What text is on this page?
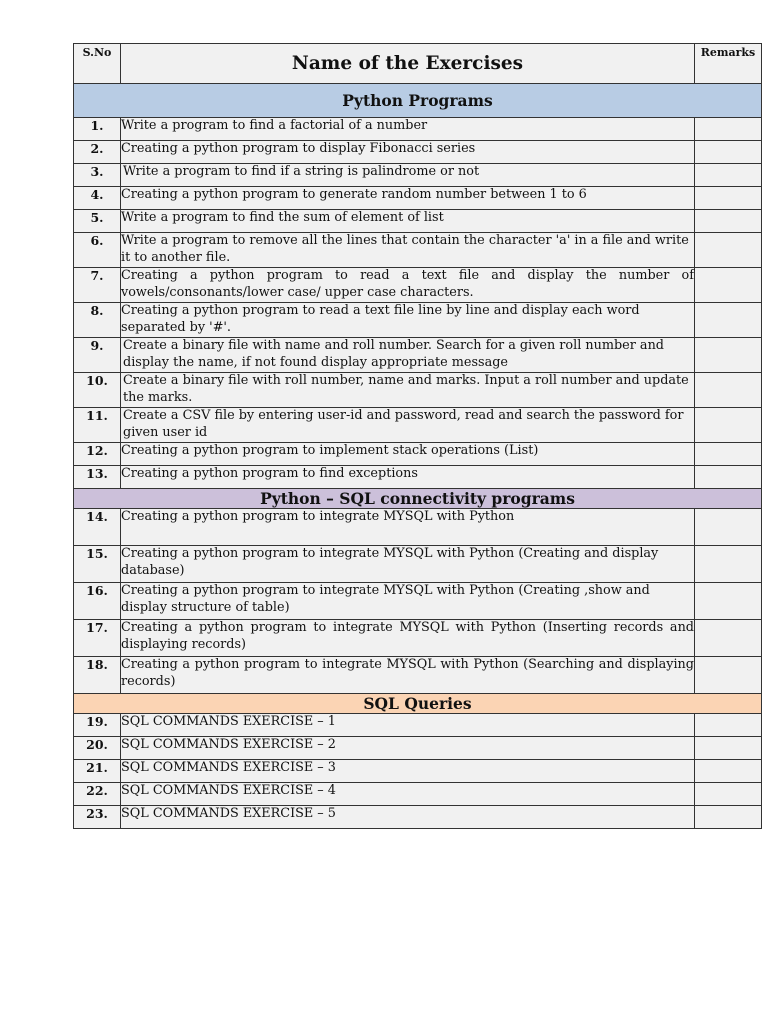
S.No	Name of the Exercises	Remarks
Python Programs		
1.	Write a program to find a factorial of a number	
2.	Creating a python program to display Fibonacci series	
3.	Write a program to find if a string is palindrome or not	
4.	Creating a python program to generate random number between 1 to 6	
5.	Write a program to find the sum of element of list	
6.	Write a program to remove all the lines that contain the character 'a' in a file and write it to another file.	
7.	Creating a python program to read a text file and display the number of vowels/consonants/lower case/ upper case characters.	
8.	Creating a python program to read a text file line by line and display each word separated by '#'.	
9.	Create a binary file with name and roll number. Search for a given roll number and display the name, if not found display appropriate message	
10.	Create a binary file with roll number, name and marks. Input a roll number and update the marks.	
11.	Create a CSV file by entering user-id and password, read and search the password for given user id	
12.	Creating a python program to implement stack operations (List)	
13.	Creating a python program to find exceptions	
Python – SQL connectivity programs		
14.	Creating a python program to integrate MYSQL with Python	
15.	Creating a python program to integrate MYSQL with Python (Creating and display database)	
16.	Creating a python program to integrate MYSQL with Python (Creating ,show and display structure of table)	
17.	Creating a python program to integrate MYSQL with Python (Inserting records and displaying records)	
18.	Creating a python program to integrate MYSQL with Python (Searching and displaying records)	
SQL Queries		
19.	SQL COMMANDS EXERCISE – 1	
20.	SQL COMMANDS EXERCISE – 2	
21.	SQL COMMANDS EXERCISE – 3	
22.	SQL COMMANDS EXERCISE – 4	
23.	SQL COMMANDS EXERCISE – 5	
